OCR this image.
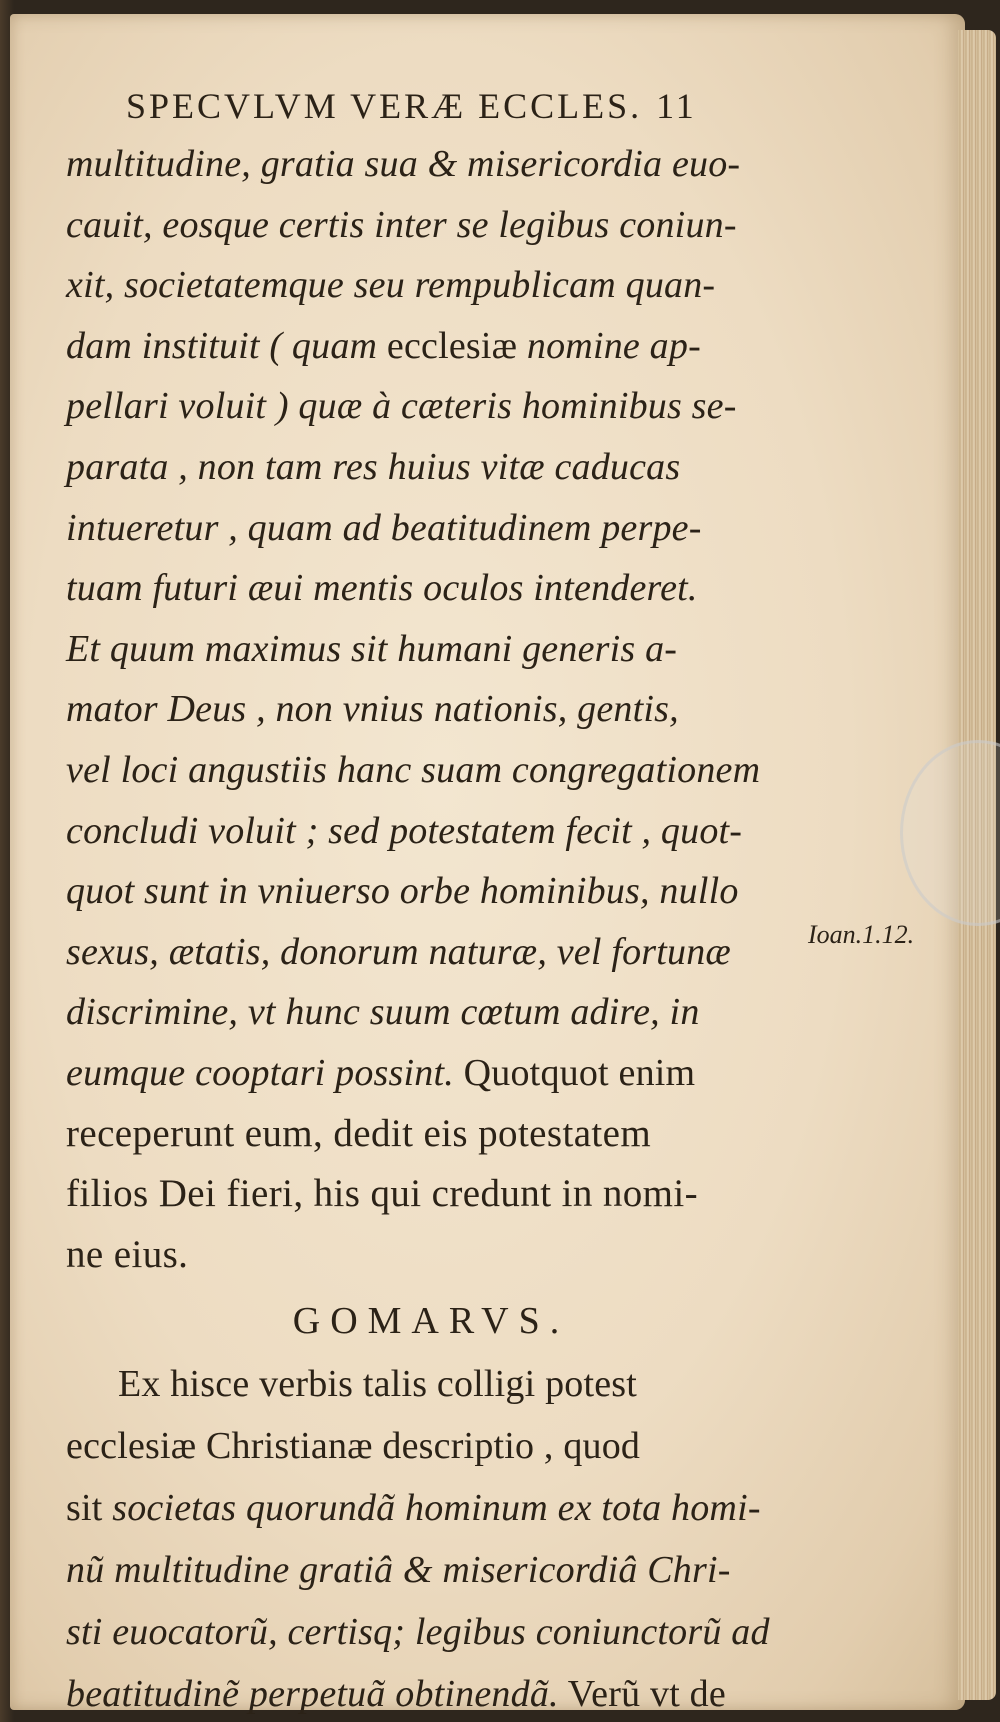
SPECVLVM VERÆ ECCLES. 11
multitudine, gratia sua & misericordia euo-
cauit, eosque certis inter se legibus coniun-
xit, societatemque seu rempublicam quan-
dam instituit ( quam ecclesiæ nomine ap-
pellari voluit ) quæ à cæteris hominibus se-
parata , non tam res huius vitæ caducas
intueretur , quam ad beatitudinem perpe-
tuam futuri æui mentis oculos intenderet.
Et quum maximus sit humani generis a-
mator Deus , non vnius nationis, gentis,
vel loci angustiis hanc suam congregationem
concludi voluit ; sed potestatem fecit , quot-
quot sunt in vniuerso orbe hominibus, nullo
sexus, ætatis, donorum naturæ, vel fortunæ
discrimine, vt hunc suum cœtum adire, in
eumque cooptari possint. Quotquot enim
receperunt eum, dedit eis potestatem
filios Dei fieri, his qui credunt in nomi-
ne eius.
GOMARVS.
Ex hisce verbis talis colligi potest
ecclesiæ Christianæ descriptio , quod
sit societas quorundã hominum ex tota homi-
nũ multitudine gratiâ & misericordiâ Chri-
sti euocatorũ, certisq; legibus coniunctorũ ad
beatitudinẽ perpetuã obtinendã. Verũ vt de
Ioan.1.12.
